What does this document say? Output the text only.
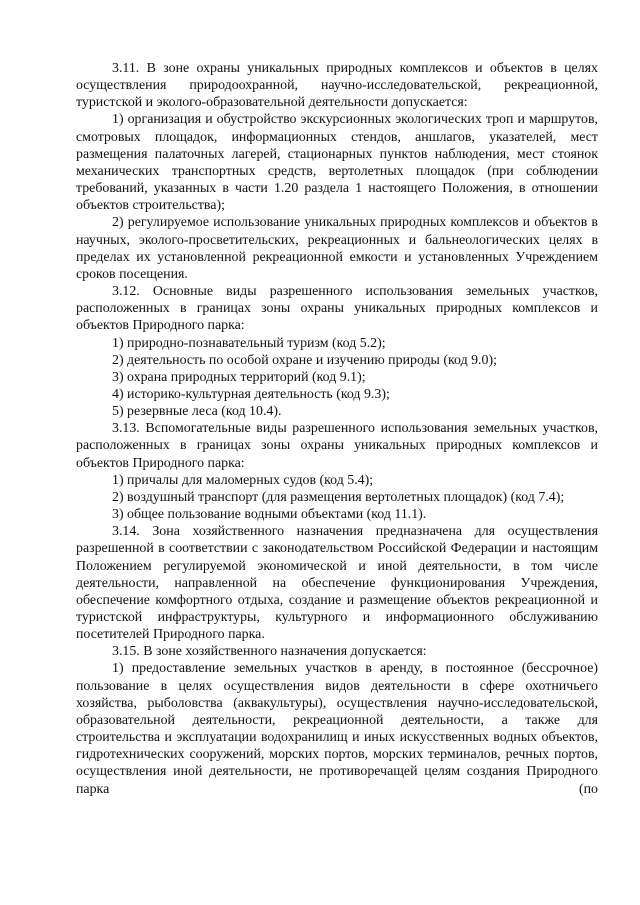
3.11. В зоне охраны уникальных природных комплексов и объектов в целях осуществления природоохранной, научно-исследовательской, рекреационной, туристской и эколого-образовательной деятельности допускается:

1) организация и обустройство экскурсионных экологических троп и маршрутов, смотровых площадок, информационных стендов, аншлагов, указателей, мест размещения палаточных лагерей, стационарных пунктов наблюдения, мест стоянок механических транспортных средств, вертолетных площадок (при соблюдении требований, указанных в части 1.20 раздела 1 настоящего Положения, в отношении объектов строительства);

2) регулируемое использование уникальных природных комплексов и объектов в научных, эколого-просветительских, рекреационных и бальнеологических целях в пределах их установленной рекреационной емкости и установленных Учреждением сроков посещения.

3.12. Основные виды разрешенного использования земельных участков, расположенных в границах зоны охраны уникальных природных комплексов и объектов Природного парка:

1) природно-познавательный туризм (код 5.2);

2) деятельность по особой охране и изучению природы (код 9.0);

3) охрана природных территорий (код 9.1);

4) историко-культурная деятельность (код 9.3);

5) резервные леса (код 10.4).

3.13. Вспомогательные виды разрешенного использования земельных участков, расположенных в границах зоны охраны уникальных природных комплексов и объектов Природного парка:

1) причалы для маломерных судов (код 5.4);

2) воздушный транспорт (для размещения вертолетных площадок) (код 7.4);

3) общее пользование водными объектами (код 11.1).

3.14. Зона хозяйственного назначения предназначена для осуществления разрешенной в соответствии с законодательством Российской Федерации и настоящим Положением регулируемой экономической и иной деятельности, в том числе деятельности, направленной на обеспечение функционирования Учреждения, обеспечение комфортного отдыха, создание и размещение объектов рекреационной и туристской инфраструктуры, культурного и информационного обслуживанию посетителей Природного парка.

3.15. В зоне хозяйственного назначения допускается:

1) предоставление земельных участков в аренду, в постоянное (бессрочное) пользование в целях осуществления видов деятельности в сфере охотничьего хозяйства, рыболовства (аквакультуры), осуществления научно-исследовательской, образовательной деятельности, рекреационной деятельности, а также для строительства и эксплуатации водохранилищ и иных искусственных водных объектов, гидротехнических сооружений, морских портов, морских терминалов, речных портов, осуществления иной деятельности, не противоречащей целям создания Природного парка (по
